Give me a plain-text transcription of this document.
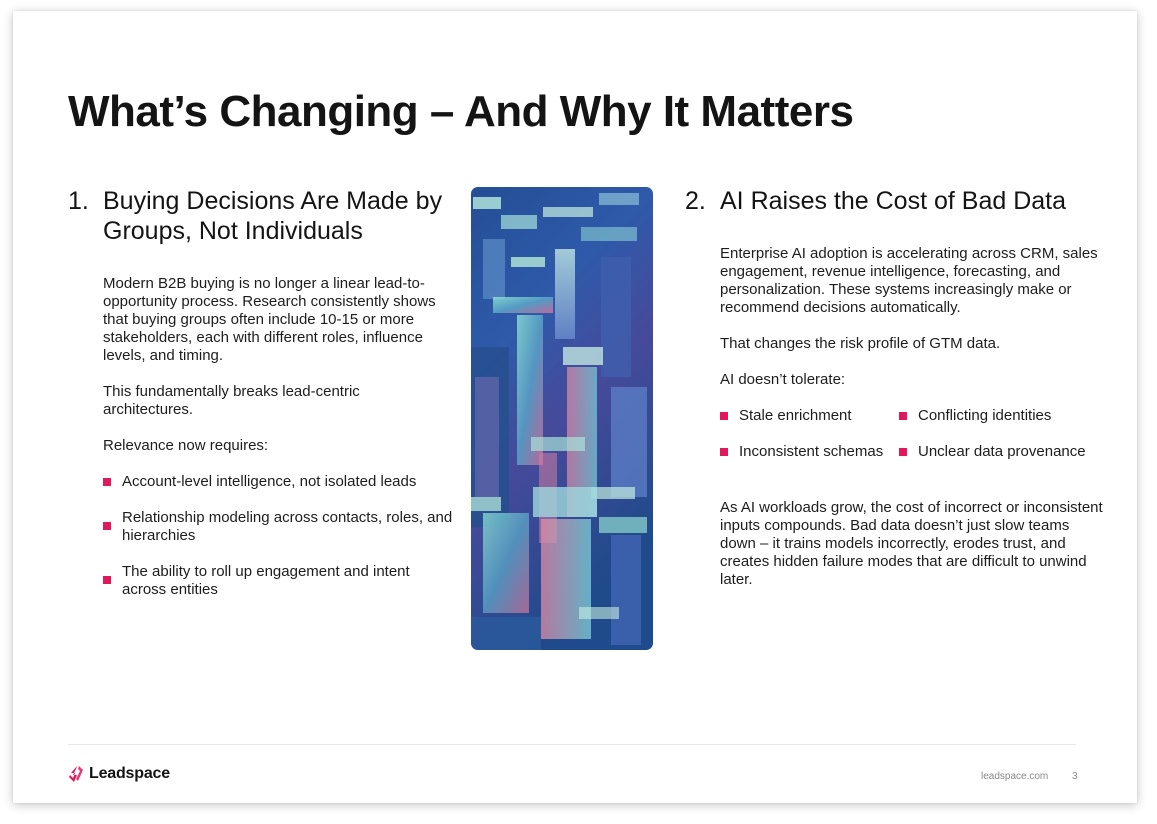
What’s Changing – And Why It Matters
1. Buying Decisions Are Made by Groups, Not Individuals

Modern B2B buying is no longer a linear lead-to-opportunity process. Research consistently shows that buying groups often include 10-15 or more stakeholders, each with different roles, influence levels, and timing.

This fundamentally breaks lead-centric architectures.

Relevance now requires:

Account-level intelligence, not isolated leads
Relationship modeling across contacts, roles, and hierarchies
The ability to roll up engagement and intent across entities
2. AI Raises the Cost of Bad Data

Enterprise AI adoption is accelerating across CRM, sales engagement, revenue intelligence, forecasting, and personalization. These systems increasingly make or recommend decisions automatically.

That changes the risk profile of GTM data.

AI doesn’t tolerate:

Stale enrichment	Conflicting identities
Inconsistent schemas	Unclear data provenance

As AI workloads grow, the cost of incorrect or inconsistent inputs compounds. Bad data doesn’t just slow teams down – it trains models incorrectly, erodes trust, and creates hidden failure modes that are difficult to unwind later.

Leadspace	leadspace.com 3
